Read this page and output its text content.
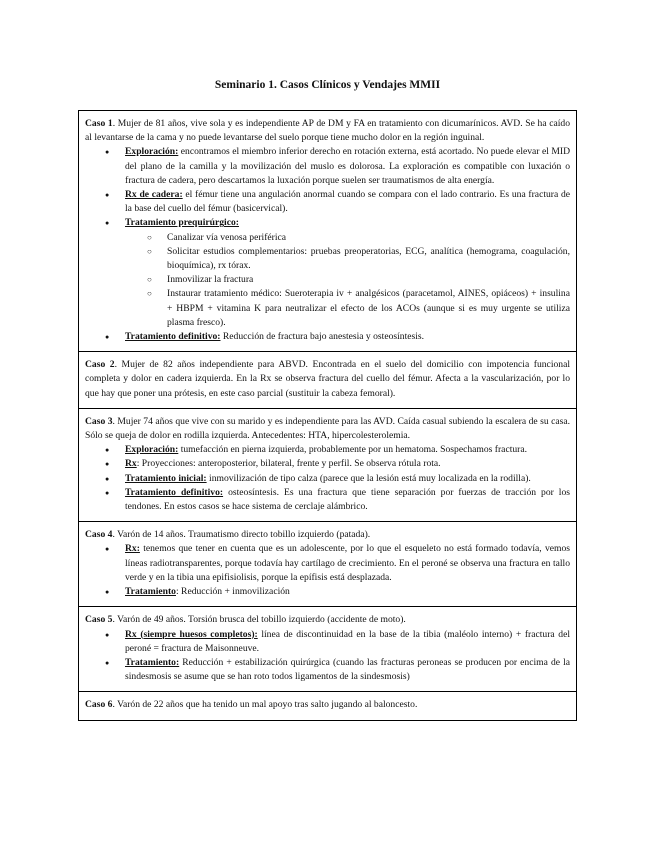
Seminario 1. Casos Clínicos y Vendajes MMII
Caso 1. Mujer de 81 años, vive sola y es independiente AP de DM y FA en tratamiento con dicumarínicos. AVD. Se ha caído al levantarse de la cama y no puede levantarse del suelo porque tiene mucho dolor en la región inguinal.
● Exploración: encontramos el miembro inferior derecho en rotación externa, está acortado. No puede elevar el MID del plano de la camilla y la movilización del muslo es dolorosa. La exploración es compatible con luxación o fractura de cadera, pero descartamos la luxación porque suelen ser traumatismos de alta energía.
● Rx de cadera: el fémur tiene una angulación anormal cuando se compara con el lado contrario. Es una fractura de la base del cuello del fémur (basicervical).
● Tratamiento prequirúrgico:
○ Canalizar vía venosa periférica
○ Solicitar estudios complementarios: pruebas preoperatorias, ECG, analítica (hemograma, coagulación, bioquímica), rx tórax.
○ Inmovilizar la fractura
○ Instaurar tratamiento médico: Sueroterapia iv + analgésicos (paracetamol, AINES, opiáceos) + insulina + HBPM + vitamina K para neutralizar el efecto de los ACOs (aunque si es muy urgente se utiliza plasma fresco).
● Tratamiento definitivo: Reducción de fractura bajo anestesia y osteosíntesis.
Caso 2. Mujer de 82 años independiente para ABVD. Encontrada en el suelo del domicilio con impotencia funcional completa y dolor en cadera izquierda. En la Rx se observa fractura del cuello del fémur. Afecta a la vascularización, por lo que hay que poner una prótesis, en este caso parcial (sustituir la cabeza femoral).
Caso 3. Mujer 74 años que vive con su marido y es independiente para las AVD. Caída casual subiendo la escalera de su casa. Sólo se queja de dolor en rodilla izquierda. Antecedentes: HTA, hipercolesterolemia.
● Exploración: tumefacción en pierna izquierda, probablemente por un hematoma. Sospechamos fractura.
● Rx: Proyecciones: anteroposterior, bilateral, frente y perfil. Se observa rótula rota.
● Tratamiento inicial: inmovilización de tipo calza (parece que la lesión está muy localizada en la rodilla).
● Tratamiento definitivo: osteosíntesis. Es una fractura que tiene separación por fuerzas de tracción por los tendones. En estos casos se hace sistema de cerclaje alámbrico.
Caso 4. Varón de 14 años. Traumatismo directo tobillo izquierdo (patada).
● Rx: tenemos que tener en cuenta que es un adolescente, por lo que el esqueleto no está formado todavía, vemos líneas radiotransparentes, porque todavía hay cartílago de crecimiento. En el peroné se observa una fractura en tallo verde y en la tibia una epifisiolisis, porque la epífisis está desplazada.
● Tratamiento: Reducción + inmovilización
Caso 5. Varón de 49 años. Torsión brusca del tobillo izquierdo (accidente de moto).
● Rx (siempre huesos completos): línea de discontinuidad en la base de la tibia (maléolo interno) + fractura del peroné = fractura de Maisonneuve.
● Tratamiento: Reducción + estabilización quirúrgica (cuando las fracturas peroneas se producen por encima de la sindesmosis se asume que se han roto todos ligamentos de la sindesmosis)
Caso 6. Varón de 22 años que ha tenido un mal apoyo tras salto jugando al baloncesto.
